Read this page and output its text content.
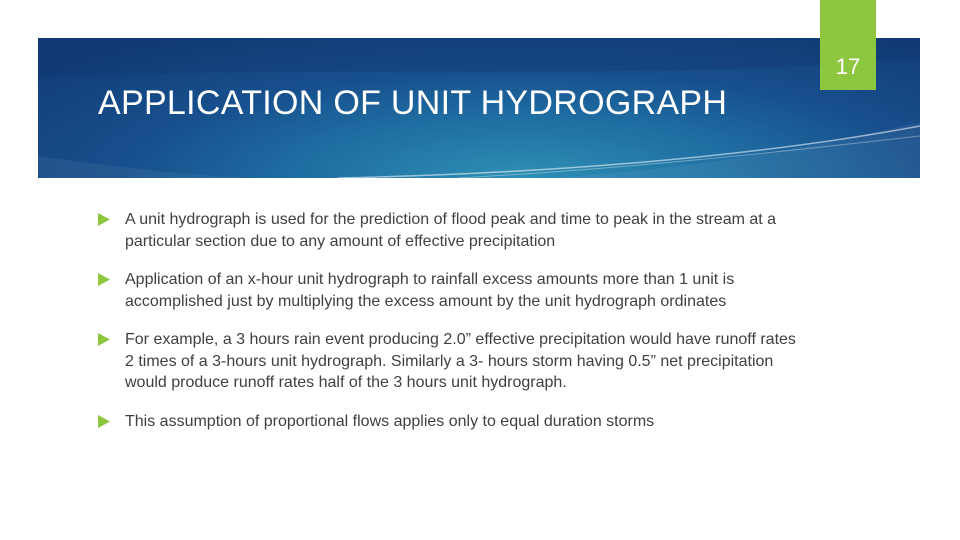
17
APPLICATION OF UNIT HYDROGRAPH
A unit hydrograph is used for the prediction of flood peak and time to peak in the stream at a particular section due to any amount of effective precipitation
Application of an x-hour unit hydrograph to rainfall excess amounts more than 1 unit is accomplished just by multiplying the excess amount by the unit hydrograph ordinates
For example, a 3 hours rain event producing 2.0” effective precipitation would have runoff rates 2 times of a 3-hours unit hydrograph. Similarly a 3- hours storm having 0.5” net precipitation would produce runoff rates half of the 3 hours unit hydrograph.
This assumption of proportional flows applies only to equal duration storms
